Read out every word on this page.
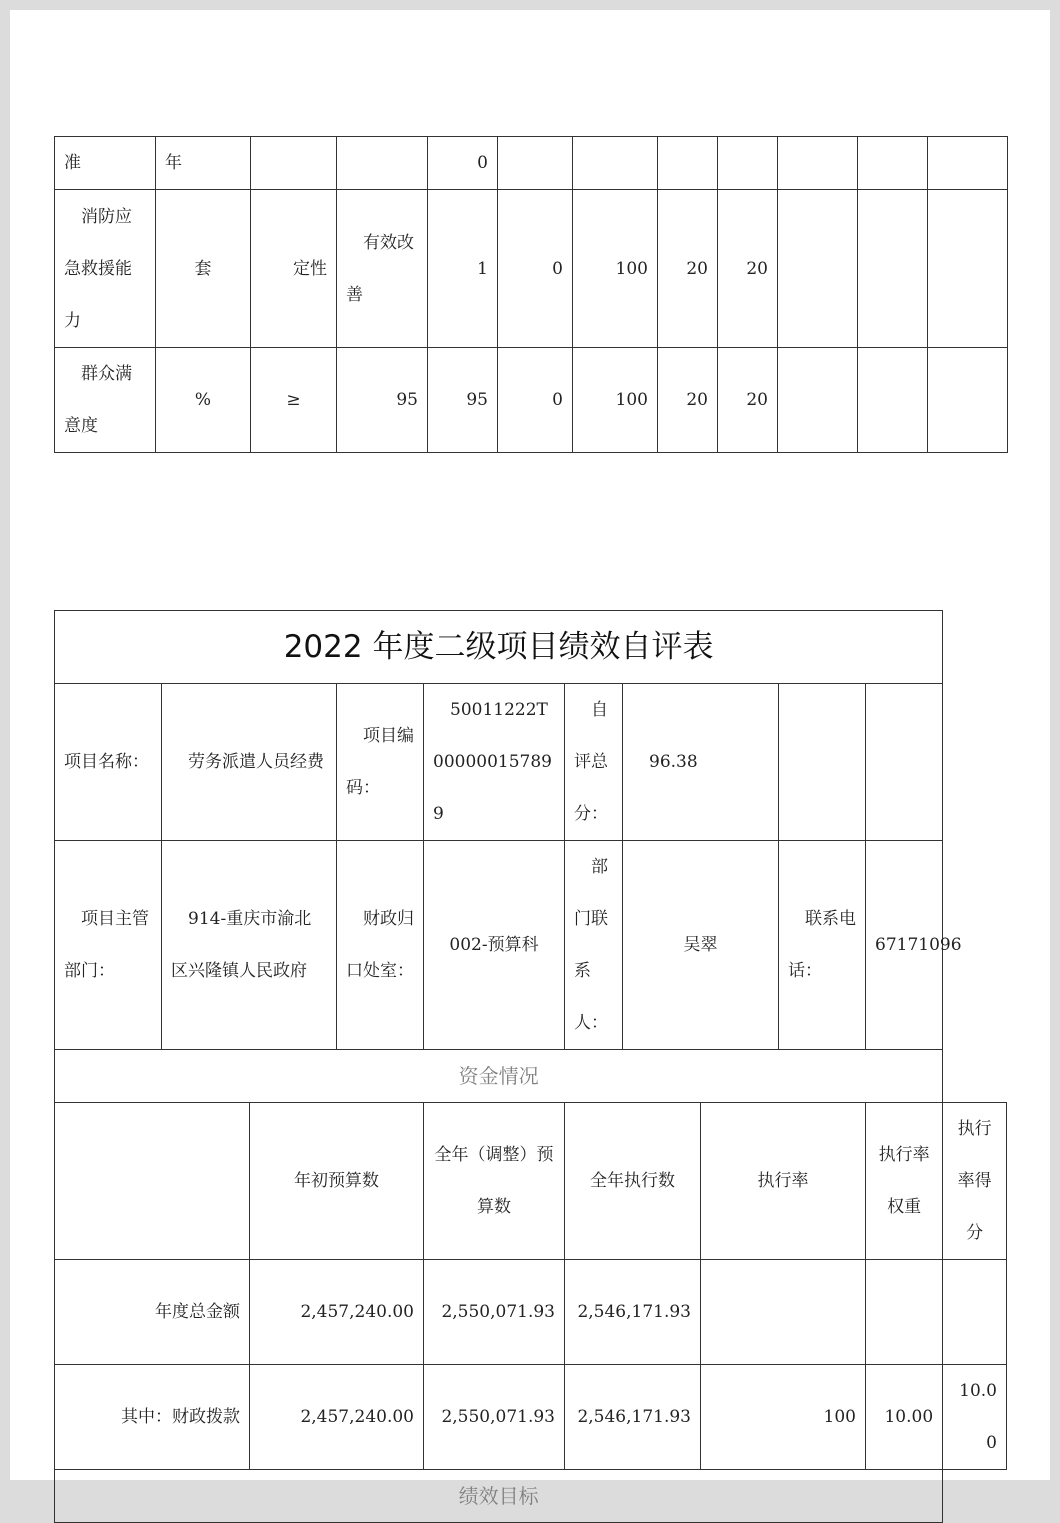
准	年			0							
消防应急救援能力	套	定性	有效改善	1	0	100	20	20			
群众满意度	%	≥	95	95	0	100	20	20			
2022 年度二级项目绩效自评表										
项目名称：	劳务派遣人员经费		项目编码：	50011222T000000157899	自评总分：	96.38				
项目主管部门：	914-重庆市渝北区兴隆镇人民政府		财政归口处室：	002-预算科	部门联系人：	吴翠		联系电话：	67171096	
资金情况										
		年初预算数		全年（调整）预算数	全年执行数		执行率		执行率权重	执行率得分
年度总金额		2,457,240.00		2,550,071.93	2,546,171.93					
其中：财政拨款		2,457,240.00		2,550,071.93	2,546,171.93		100		10.00	10.00
绩效目标										
